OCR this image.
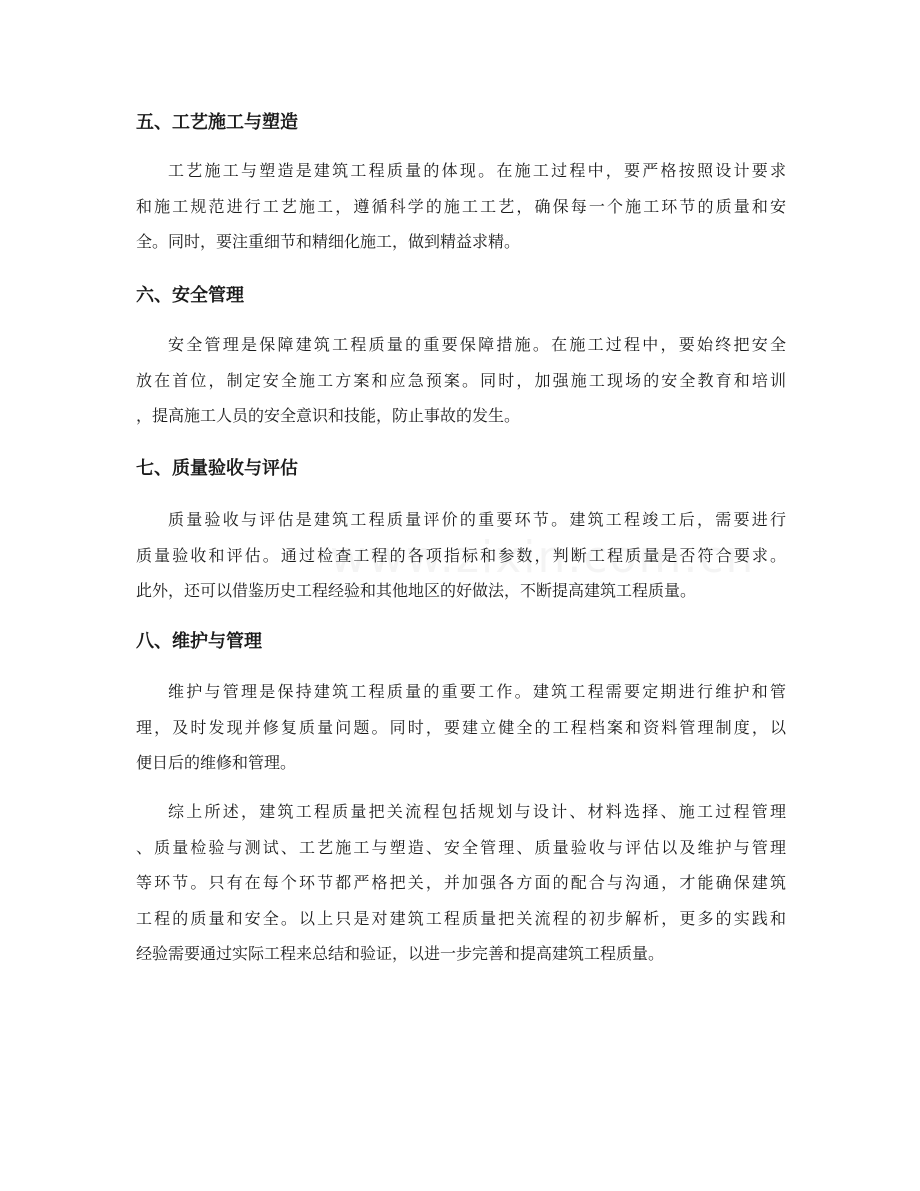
五、工艺施工与塑造

工艺施工与塑造是建筑工程质量的体现。在施工过程中，要严格按照设计要求
和施工规范进行工艺施工，遵循科学的施工工艺，确保每一个施工环节的质量和安
全。同时，要注重细节和精细化施工，做到精益求精。

六、安全管理

安全管理是保障建筑工程质量的重要保障措施。在施工过程中，要始终把安全
放在首位，制定安全施工方案和应急预案。同时，加强施工现场的安全教育和培训
，提高施工人员的安全意识和技能，防止事故的发生。

七、质量验收与评估

质量验收与评估是建筑工程质量评价的重要环节。建筑工程竣工后，需要进行
质量验收和评估。通过检查工程的各项指标和参数，判断工程质量是否符合要求。
此外，还可以借鉴历史工程经验和其他地区的好做法，不断提高建筑工程质量。

八、维护与管理

维护与管理是保持建筑工程质量的重要工作。建筑工程需要定期进行维护和管
理，及时发现并修复质量问题。同时，要建立健全的工程档案和资料管理制度，以
便日后的维修和管理。

综上所述，建筑工程质量把关流程包括规划与设计、材料选择、施工过程管理
、质量检验与测试、工艺施工与塑造、安全管理、质量验收与评估以及维护与管理
等环节。只有在每个环节都严格把关，并加强各方面的配合与沟通，才能确保建筑
工程的质量和安全。以上只是对建筑工程质量把关流程的初步解析，更多的实践和
经验需要通过实际工程来总结和验证，以进一步完善和提高建筑工程质量。
